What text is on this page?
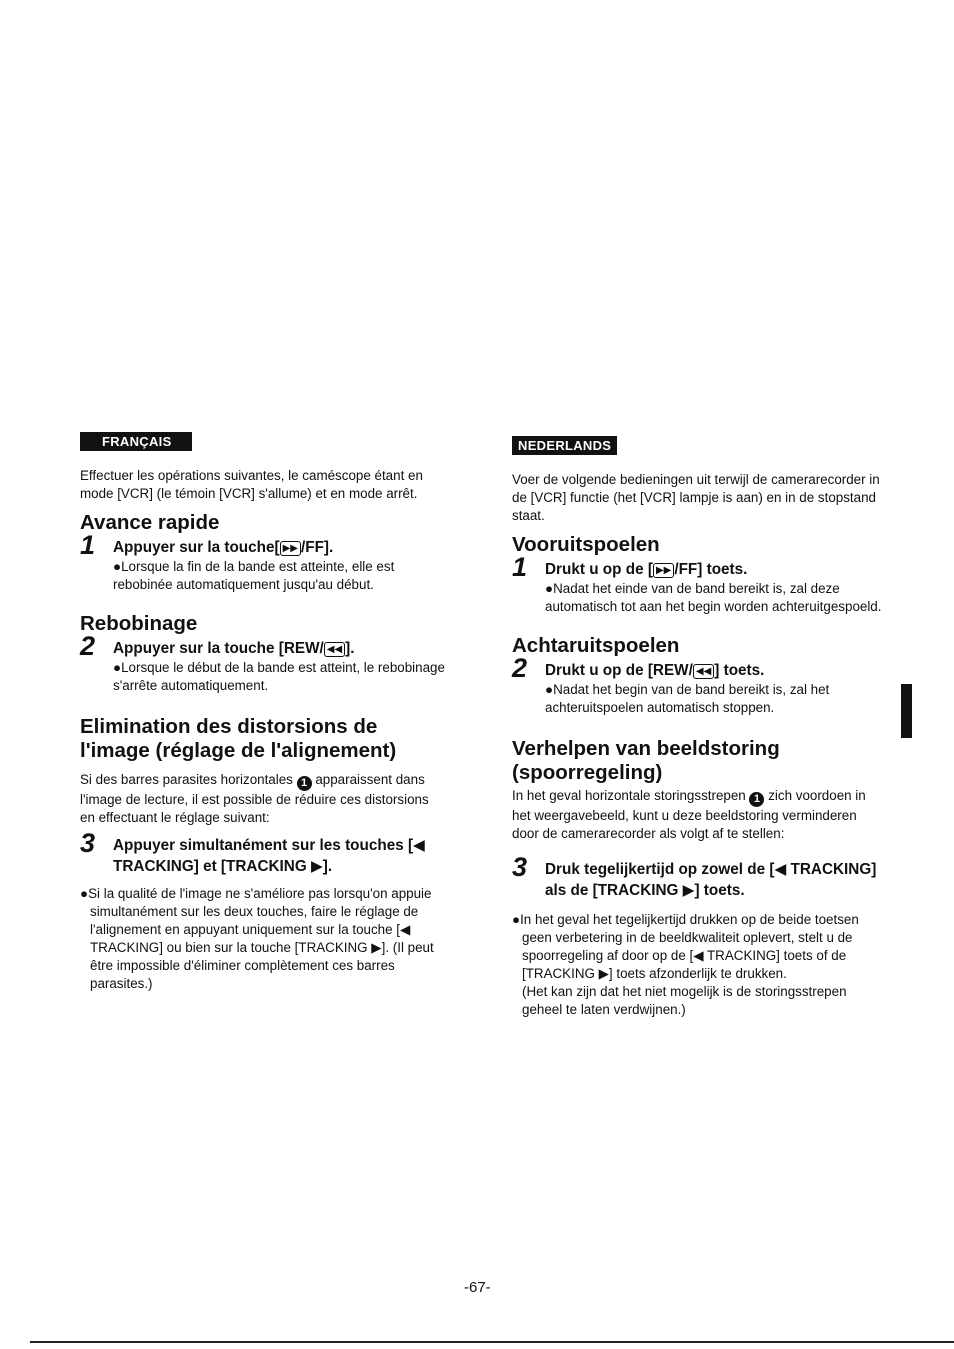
FRANÇAIS

Effectuer les opérations suivantes, le caméscope étant en mode [VCR] (le témoin [VCR] s'allume) et en mode arrêt.

Avance rapide
1 Appuyer sur la touche[ ▶▶ /FF].
●Lorsque la fin de la bande est atteinte, elle est rebobinée automatiquement jusqu'au début.
Rebobinage
2 Appuyer sur la touche [REW/ ◀◀ ].
●Lorsque le début de la bande est atteint, le rebobinage s'arrête automatiquement.
Elimination des distorsions de l'image (réglage de l'alignement)

Si des barres parasites horizontales 1 apparaissent dans l'image de lecture, il est possible de réduire ces distorsions en effectuant le réglage suivant:

3 Appuyer simultanément sur les touches [◀ TRACKING] et [TRACKING ▶].

●Si la qualité de l'image ne s'améliore pas lorsqu'on appuie simultanément sur les deux touches, faire le réglage de l'alignement en appuyant uniquement sur la touche [◀ TRACKING] ou bien sur la touche [TRACKING ▶]. (Il peut être impossible d'éliminer complètement ces barres parasites.)

NEDERLANDS

Voer de volgende bedieningen uit terwijl de camerarecorder in de [VCR] functie (het [VCR] lampje is aan) en in de stopstand staat.

Vooruitspoelen
1 Drukt u op de [ ▶▶ /FF] toets.
●Nadat het einde van de band bereikt is, zal deze automatisch tot aan het begin worden achteruitgespoeld.
Achtaruitspoelen
2 Drukt u op de [REW/ ◀◀ ] toets.
●Nadat het begin van de band bereikt is, zal het achteruitspoelen automatisch stoppen.
Verhelpen van beeldstoring (spoorregeling)

In het geval horizontale storingsstrepen 1 zich voordoen in het weergavebeeld, kunt u deze beeldstoring verminderen door de camerarecorder als volgt af te stellen:

3 Druk tegelijkertijd op zowel de [◀ TRACKING] als de [TRACKING ▶] toets.

●In het geval het tegelijkertijd drukken op de beide toetsen geen verbetering in de beeldkwaliteit oplevert, stelt u de spoorregeling af door op de [◀ TRACKING] toets of de [TRACKING ▶] toets afzonderlijk te drukken.

(Het kan zijn dat het niet mogelijk is de storingsstrepen geheel te laten verdwijnen.)

-67-
